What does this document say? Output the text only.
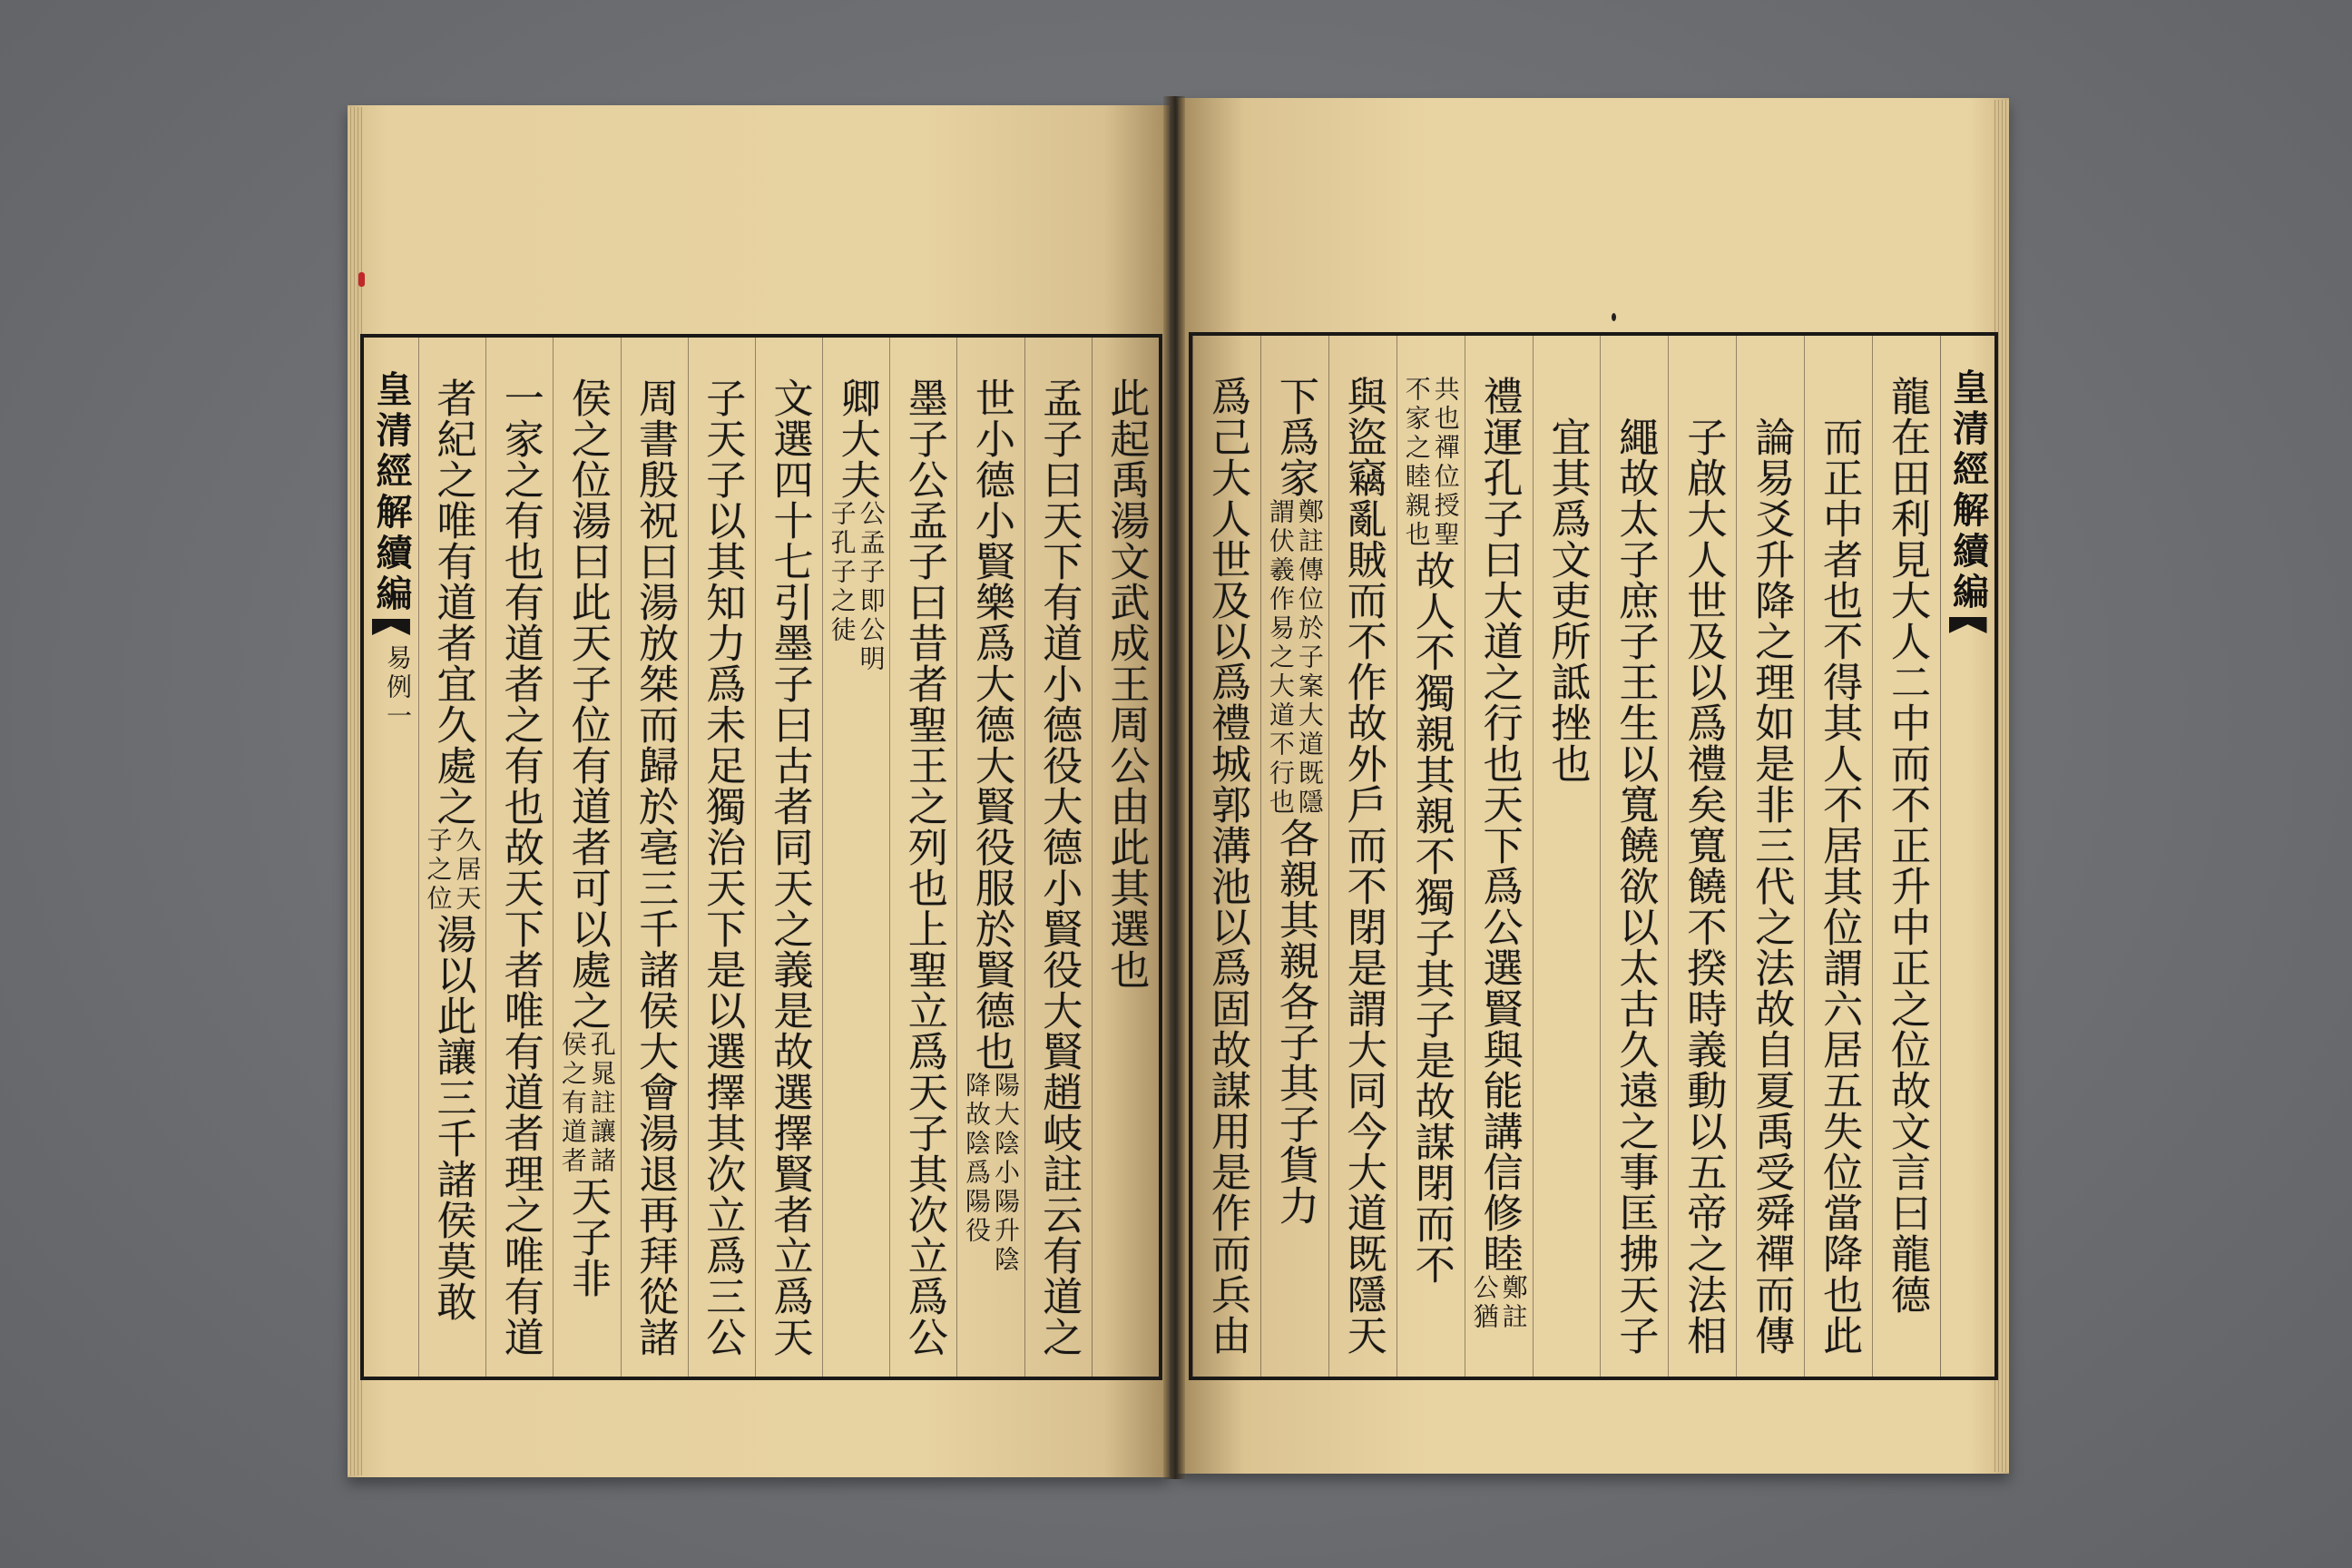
皇清經解續編
龍在田利見大人二中而不正升中正之位故文言曰龍德
而正中者也不得其人不居其位謂六居五失位當降也此
論易爻升降之理如是非三代之法故自夏禹受舜禪而傳
子啟大人世及以爲禮矣寬饒不揆時義動以五帝之法相
繩故太子庶子王生以寬饒欲以太古久遠之事匡拂天子
宜其爲文吏所詆挫也
禮運孔子曰大道之行也天下爲公選賢與能講信修睦
鄭註
公猶
共也禪位授聖
不家之睦親也
故人不獨親其親不獨子其子是故謀閉而不
與盜竊亂賊而不作故外戶而不閉是謂大同今大道既隱天
下爲家
鄭註傳位於子案大道既隱
謂伏羲作易之大道不行也
各親其親各子其子貨力
爲己大人世及以爲禮城郭溝池以爲固故謀用是作而兵由
此起禹湯文武成王周公由此其選也
孟子曰天下有道小德役大德小賢役大賢趙岐註云有道之
世小德小賢樂爲大德大賢役服於賢德也
陽大陰小陽升陰
降故陰爲陽役
墨子公孟子曰昔者聖王之列也上聖立爲天子其次立爲公
卿大夫
公孟子即公明
子孔子之徒
文選四十七引墨子曰古者同天之義是故選擇賢者立爲天
子天子以其知力爲未足獨治天下是以選擇其次立爲三公
周書殷祝曰湯放桀而歸於亳三千諸侯大會湯退再拜從諸
侯之位湯曰此天子位有道者可以處之
孔晁註讓諸
侯之有道者
天子非
一家之有也有道者之有也故天下者唯有道者理之唯有道
者紀之唯有道者宜久處之
久居天
子之位
湯以此讓三千諸侯莫敢
皇清經解續編
易例一
